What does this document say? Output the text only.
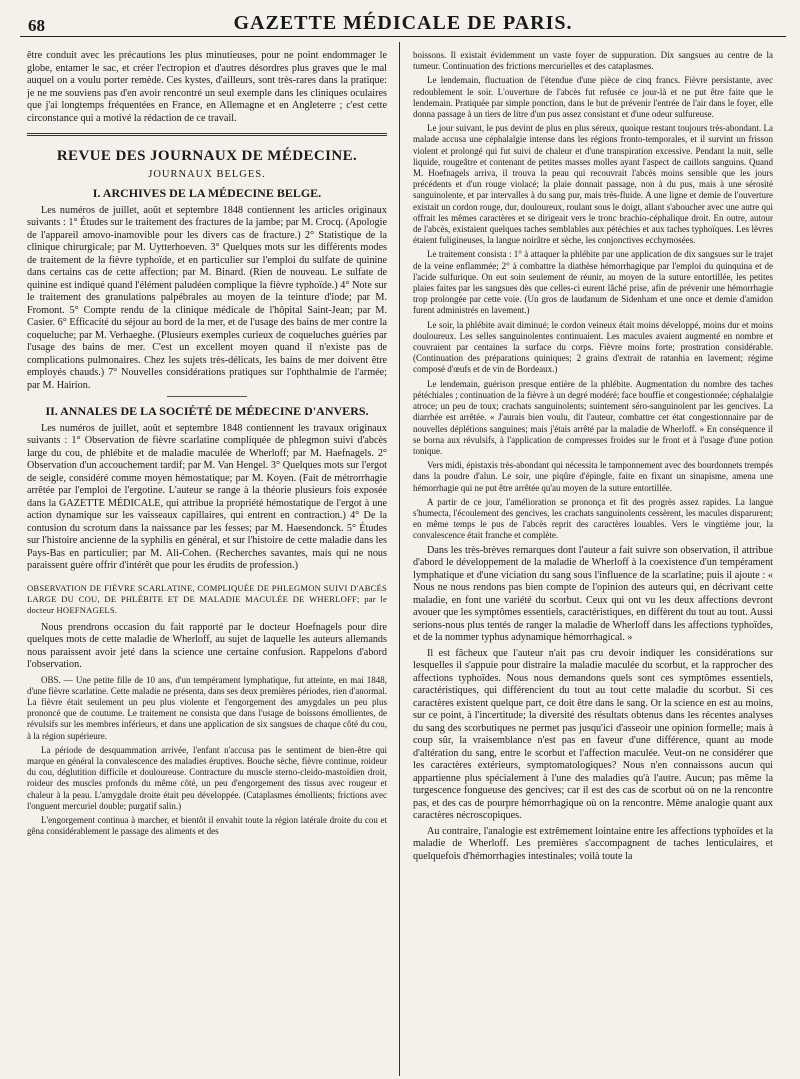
68	GAZETTE MÉDICALE DE PARIS.

être conduit avec les précautions les plus minutieuses, pour ne point endommager le globe, entamer le sac, et créer l'ectropion et d'autres désordres plus graves que le mal auquel on a voulu porter remède. Ces kystes, d'ailleurs, sont très-rares dans la pratique: je ne me souviens pas d'en avoir rencontré un seul exemple dans les cliniques oculaires que j'ai longtemps fréquentées en France, en Allemagne et en Angleterre ; c'est cette circonstance qui a motivé la rédaction de ce travail.

REVUE DES JOURNAUX DE MÉDECINE.
JOURNAUX BELGES.
I. ARCHIVES DE LA MÉDECINE BELGE.

Les numéros de juillet, août et septembre 1848 contiennent les articles originaux suivants : 1° Études sur le traitement des fractures de la jambe; par M. Crocq. (Apologie de l'appareil amovo-inamovible pour les divers cas de fracture.) 2° Statistique de la clinique chirurgicale; par M. Uytterhoeven. 3° Quelques mots sur les différents modes de traitement de la fièvre typhoïde, et en particulier sur l'emploi du sulfate de quinine dans certains cas de cette affection; par M. Binard. (Rien de nouveau. Le sulfate de quinine est indiqué quand l'élément paludéen complique la fièvre typhoïde.) 4° Note sur le traitement des granulations palpébrales au moyen de la teinture d'iode; par M. Fromont. 5° Compte rendu de la clinique médicale de l'hôpital Saint-Jean; par M. Casier. 6° Efficacité du séjour au bord de la mer, et de l'usage des bains de mer contre la coqueluche; par M. Verhaeghe. (Plusieurs exemples curieux de coqueluches guéries par l'usage des bains de mer. C'est un excellent moyen quand il n'existe pas de complications pulmonaires. Chez les sujets très-délicats, les bains de mer doivent être employés chauds.) 7° Nouvelles considérations pratiques sur l'ophthalmie de l'armée; par M. Hairion.

II. ANNALES DE LA SOCIÉTÉ DE MÉDECINE D'ANVERS.

Les numéros de juillet, août et septembre 1848 contiennent les travaux originaux suivants : 1° Observation de fièvre scarlatine compliquée de phlegmon suivi d'abcès large du cou, de phlébite et de maladie maculée de Wherloff; par M. Haefnagels. 2° Observation d'un accouchement tardif; par M. Van Hengel. 3° Quelques mots sur l'ergot de seigle, considéré comme moyen hémostatique; par M. Koyen. (Fait de métrorrhagie arrêtée par l'emploi de l'ergotine. L'auteur se range à la théorie plusieurs fois exposée dans la GAZETTE MÉDICALE, qui attribue la propriété hémostatique de l'ergot à une action dynamique sur les vaisseaux capillaires, qui entrent en contraction.) 4° De la contusion du scrotum dans la naissance par les fesses; par M. Haesendonck. 5° Études sur l'histoire ancienne de la syphilis en général, et sur l'histoire de cette maladie dans les Pays-Bas en particulier; par M. Ali-Cohen. (Recherches savantes, mais qui ne nous paraissent guère offrir d'intérêt que pour les érudits de profession.)

OBSERVATION DE FIÈVRE SCARLATINE, COMPLIQUÉE DE PHLEGMON SUIVI D'ABCÈS LARGE DU COU, DE PHLÉBITE ET DE MALADIE MACULÉE DE WHERLOFF; par le docteur HOEFNAGELS.

Nous prendrons occasion du fait rapporté par le docteur Hoefnagels pour dire quelques mots de cette maladie de Wherloff, au sujet de laquelle les auteurs allemands nous paraissent avoir jeté dans la science une certaine confusion. Rappelons d'abord l'observation.

OBS. — Une petite fille de 10 ans, d'un tempérament lymphatique, fut atteinte, en mai 1848, d'une fièvre scarlatine. Cette maladie ne présenta, dans ses deux premières périodes, rien d'anormal. La fièvre était seulement un peu plus violente et l'engorgement des amygdales un peu plus prononcé que de coutume. Le traitement ne consista que dans l'usage de boissons émollientes, de révulsifs sur les membres inférieurs, et dans une application de six sangsues de chaque côté du cou, à la région supérieure.

La période de desquammation arrivée, l'enfant n'accusa pas le sentiment de bien-être qui marque en général la convalescence des maladies éruptives. Bouche sèche, fièvre continue, roideur du cou, déglutition difficile et douloureuse. Contracture du muscle sterno-cleido-mastoïdien droit, roideur des muscles profonds du même côté, un peu d'engorgement des tissus avec rougeur et chaleur à la peau. L'amygdale droite était peu développée. (Cataplasmes émollients; frictions avec l'onguent mercuriel double; purgatif salin.)

L'engorgement continua à marcher, et bientôt il envahit toute la région latérale droite du cou et gêna considérablement le passage des aliments et des

boissons. Il existait évidemment un vaste foyer de suppuration. Dix sangsues au centre de la tumeur. Continuation des frictions mercurielles et des cataplasmes.

Le lendemain, fluctuation de l'étendue d'une pièce de cinq francs. Fièvre persistante, avec redoublement le soir. L'ouverture de l'abcès fut refusée ce jour-là et ne put être faite que le lendemain. Pratiquée par simple ponction, dans le but de prévenir l'entrée de l'air dans le foyer, elle donna passage à un tiers de litre d'un pus assez consistant et d'une odeur sulfureuse.

Le jour suivant, le pus devint de plus en plus séreux, quoique restant toujours très-abondant. La malade accusa une céphalalgie intense dans les régions fronto-temporales, et il survint un frisson violent et prolongé qui fut suivi de chaleur et d'une transpiration excessive. Pendant la nuit, selle liquide, rougeâtre et contenant de petites masses molles ayant l'aspect de caillots sanguins. Quand M. Hoefnagels arriva, il trouva la peau qui recouvrait l'abcès moins sensible que les jours précédents et d'un rouge violacé; la plaie donnait passage, non à du pus, mais à une sérosité sanguinolente, et par intervalles à du sang pur, mais très-fluide. A une ligne et demie de l'ouverture existait un cordon rouge, dur, douloureux, roulant sous le doigt, allant s'aboucher avec une autre qui offrait les mêmes caractères et se dirigeait vers le tronc brachio-céphalique droit. En outre, autour de l'abcès, existaient quelques taches semblables aux pétéchies et aux taches typhoïques. Les lèvres étaient fuligineuses, la langue noirâtre et sèche, les conjonctives ecchymosées.

Le traitement consista : 1° à attaquer la phlébite par une application de dix sangsues sur le trajet de la veine enflammée; 2° à combattre la diathèse hémorrhagique par l'emploi du quinquina et de l'acide sulfurique. On eut soin seulement de réunir, au moyen de la suture entortillée, les petites plaies faites par les sangsues dès que celles-ci eurent lâché prise, afin de prévenir une hémorrhagie trop prolongée par cette voie. (Un gros de laudanum de Sidenham et une once et demie d'amidon furent administrés en lavement.)

Le soir, la phlébite avait diminué; le cordon veineux était moins développé, moins dur et moins douloureux. Les selles sanguinolentes continuaient. Les macules avaient augmenté en nombre et couvraient par centaines la surface du corps. Fièvre moins forte; prostration considérable. (Continuation des préparations quiniques; 2 grains d'extrait de ratanhia en lavement; régime composé d'œufs et de vin de Bordeaux.)

Le lendemain, guérison presque entière de la phlébite. Augmentation du nombre des taches pétéchiales ; continuation de la fièvre à un degré modéré; face bouffie et congestionnée; céphalalgie atroce; un peu de toux; crachats sanguinolents; suintement séro-sanguinolent par les gencives. La diarrhée est arrêtée. « J'aurais bien voulu, dit l'auteur, combattre cet état congestionnaire par de nouvelles déplétions sanguines; mais j'étais arrêté par la maladie de Wherloff. » En conséquence il se borna aux révulsifs, à l'application de compresses froides sur le front et à l'usage d'une potion tonique.

Vers midi, épistaxis très-abondant qui nécessita le tamponnement avec des bourdonnets trempés dans la poudre d'alun. Le soir, une piqûre d'épingle, faite en fixant un sinapisme, amena une hémorrhagie qui ne put être arrêtée qu'au moyen de la suture entortillée.

A partir de ce jour, l'amélioration se prononça et fit des progrès assez rapides. La langue s'humecta, l'écoulement des gencives, les crachats sanguinolents cessèrent, les macules disparurent; en même temps le pus de l'abcès reprit des caractères louables. Vers le vingtième jour, la convalescence était franche et complète.

Dans les très-brèves remarques dont l'auteur a fait suivre son observation, il attribue d'abord le développement de la maladie de Wherloff à la coexistence d'un tempérament lymphatique et d'une viciation du sang sous l'influence de la scarlatine; puis il ajoute : « Nous ne nous rendons pas bien compte de l'opinion des auteurs qui, en décrivant cette maladie, en font une variété du scorbut. Ceux qui ont vu les deux affections devront avouer que les symptômes essentiels, caractéristiques, en diffèrent du tout au tout. Aussi serions-nous plus tentés de ranger la maladie de Wherloff dans les affections typhoïdes, et de la nommer typhus adynamique hémorrhagical. »

Il est fâcheux que l'auteur n'ait pas cru devoir indiquer les considérations sur lesquelles il s'appuie pour distraire la maladie maculée du scorbut, et la rapprocher des affections typhoïdes. Nous nous demandons quels sont ces symptômes essentiels, caractéristiques, qui différencient du tout au tout cette maladie du scorbut. Si ces caractères existent quelque part, ce doit être dans le sang. Or la science en est au moins, sur ce point, à l'incertitude; la diversité des résultats obtenus dans les récentes analyses du sang des scorbutiques ne permet pas jusqu'ici d'asseoir une opinion formelle; mais à coup sûr, la vraisemblance n'est pas en faveur d'une différence, quant au mode d'altération du sang, entre le scorbut et l'affection maculée. Veut-on ne considérer que les caractères extérieurs, symptomatologiques? Nous n'en connaissons aucun qui appartienne plus spécialement à l'une des maladies qu'à l'autre. Aucun; pas même la turgescence fongueuse des gencives; car il est des cas de scorbut où on ne la rencontre pas, et des cas de pourpre hémorrhagique où on la rencontre. Même analogie quant aux caractères nécroscopiques.

Au contraire, l'analogie est extrêmement lointaine entre les affections typhoïdes et la maladie de Wherloff. Les premières s'accompagnent de taches lenticulaires, et quelquefois d'hémorrhagies intestinales; voilà toute la
